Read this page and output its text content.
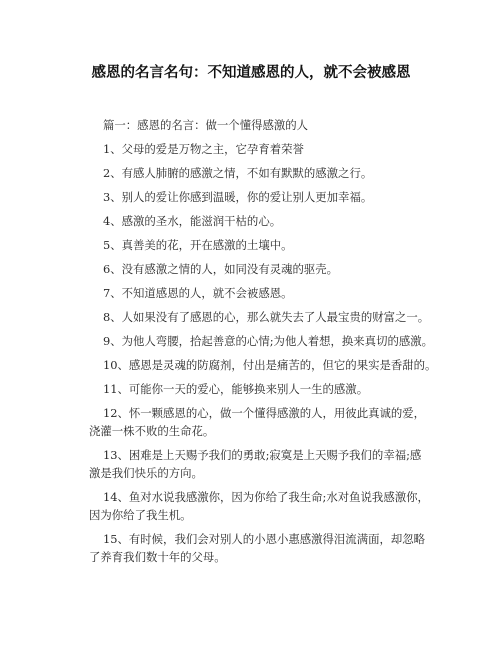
感恩的名言名句：不知道感恩的人，就不会被感恩
篇一：感恩的名言：做一个懂得感激的人
1、父母的爱是万物之主，它孕育着荣誉
2、有感人肺腑的感激之情，不如有默默的感激之行。
3、别人的爱让你感到温暖，你的爱让别人更加幸福。
4、感激的圣水，能滋润干枯的心。
5、真善美的花，开在感激的土壤中。
6、没有感激之情的人，如同没有灵魂的驱壳。
7、不知道感恩的人，就不会被感恩。
8、人如果没有了感恩的心，那么就失去了人最宝贵的财富之一。
9、为他人弯腰，拾起善意的心情;为他人着想，换来真切的感激。
10、感恩是灵魂的防腐剂，付出是痛苦的，但它的果实是香甜的。
11、可能你一天的爱心，能够换来别人一生的感激。
12、怀一颗感恩的心，做一个懂得感激的人，用彼此真诚的爱，
浇灌一株不败的生命花。
13、困难是上天赐予我们的勇敢;寂寞是上天赐予我们的幸福;感
激是我们快乐的方向。
14、鱼对水说我感激你，因为你给了我生命;水对鱼说我感激你，
因为你给了我生机。
15、有时候，我们会对别人的小恩小惠感激得泪流满面，却忽略
了养育我们数十年的父母。
